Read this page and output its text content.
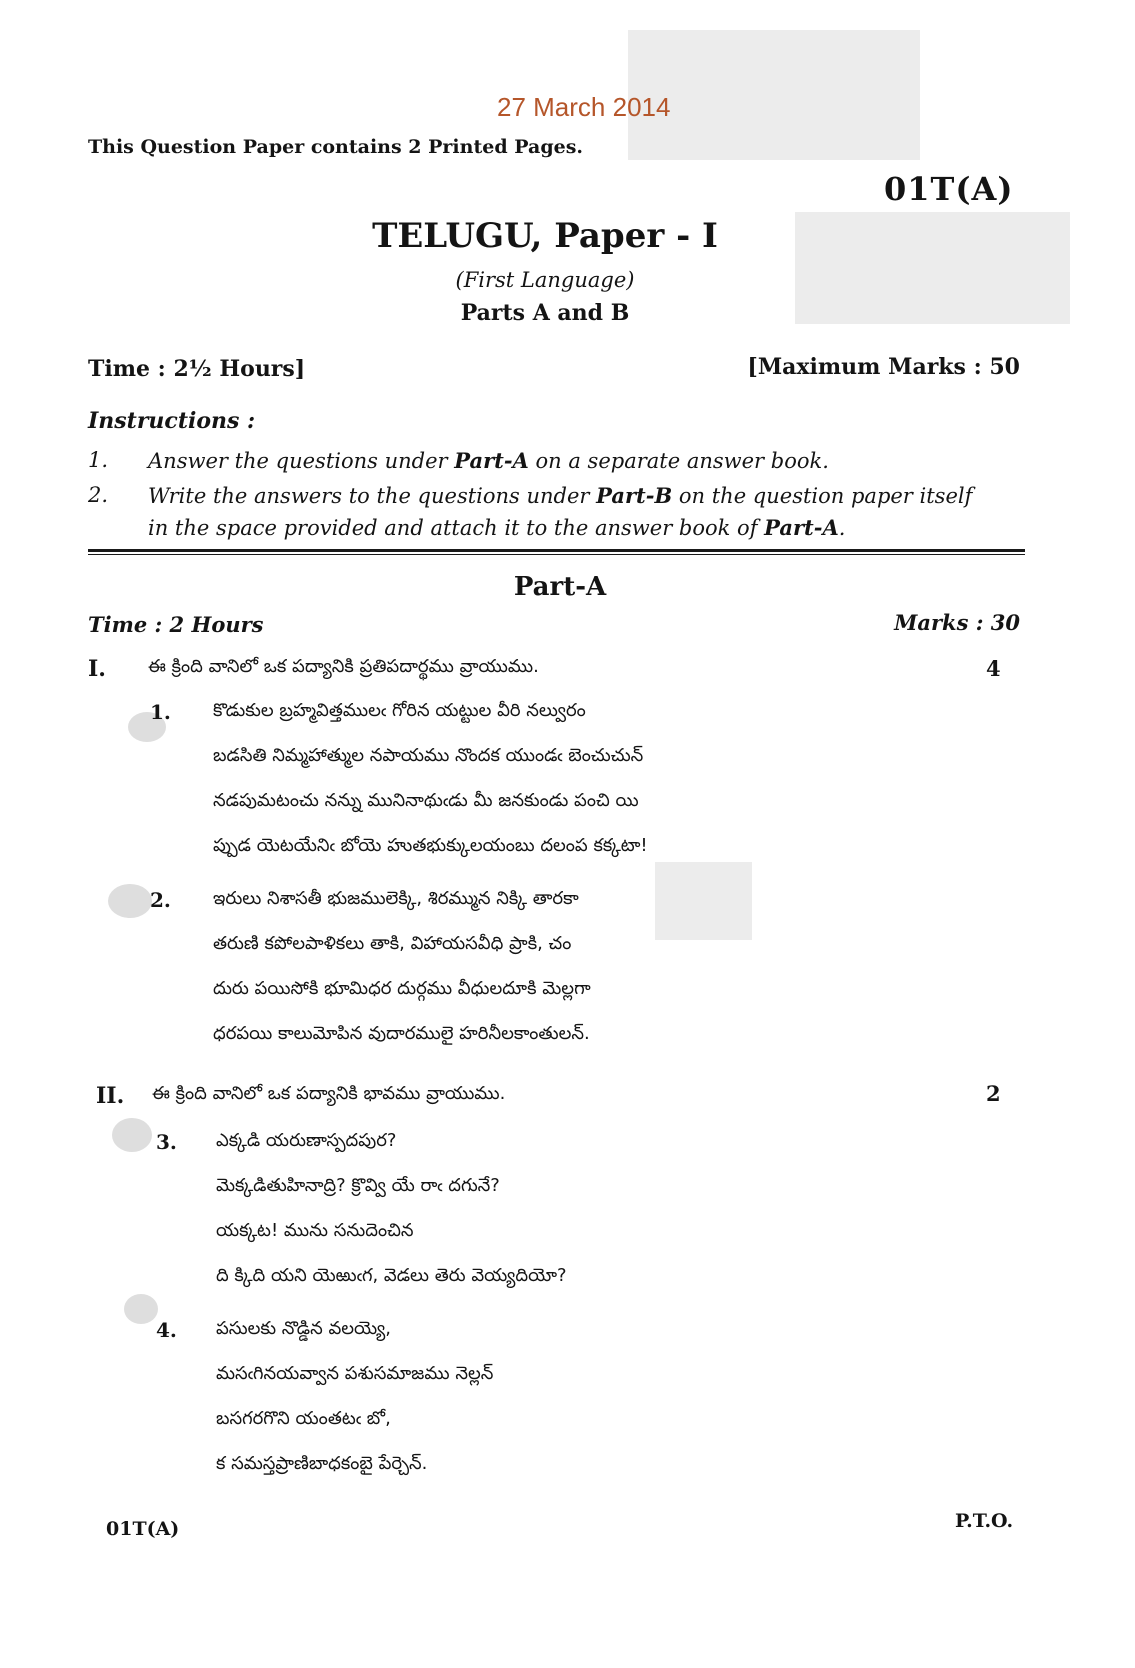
27 March 2014
This Question Paper contains 2 Printed Pages.
01T(A)
TELUGU, Paper - I
(First Language)
Parts A and B
Time : 2½ Hours]	[Maximum Marks : 50
Instructions :
1. Answer the questions under Part-A on a separate answer book.
2. Write the answers to the questions under Part-B on the question paper itself
in the space provided and attach it to the answer book of Part-A.
Part-A
Time : 2 Hours	Marks : 30
I. ఈ క్రింది వానిలో ఒక పద్యానికి ప్రతిపదార్థము వ్రాయుము.	4
1. కొడుకుల బ్రహ్మవిత్తములఁ గోరిన యట్టుల వీరి నల్వురం
బడసితి నిమ్మహాత్ముల నపాయము నొందక యుండఁ బెంచుచున్
నడపుమటంచు నన్ను మునినాథుఁడు మీ జనకుండు పంచి యి
ప్పుడ యెటయేనిఁ బోయె హుతభుక్కులయంబు దలంప కక్కటా!
2. ఇరులు నిశాసతీ భుజములెక్కి, శిరమ్మున నిక్కి తారకా
తరుణి కపోలపాళికలు తాకి, విహాయసవీధి ప్రాకి, చం
దురు పయిసోకి భూమిధర దుర్గము వీధులదూకి మెల్లగా
ధరపయి కాలుమోపిన వుదారములై హరినీలకాంతులన్.
II. ఈ క్రింది వానిలో ఒక పద్యానికి భావము వ్రాయుము.	2
3. ఎక్కడి యరుణాస్పదపుర?
మెక్కడితుహినాద్రి? క్రొవ్వి యే రాఁ దగునే?
యక్కట! మును సనుదెంచిన
ది క్కిది యని యెఱుఁగ, వెడలు తెరు వెయ్యదియో?
4. పసులకు నొడ్డిన వలయ్యె,
మసఁగినయవ్వాన పశుసమాజము నెల్లన్
బసగరగొని యంతటఁ బో,
క సమస్తప్రాణిబాధకంబై పేర్చెన్.
01T(A)	P.T.O.
